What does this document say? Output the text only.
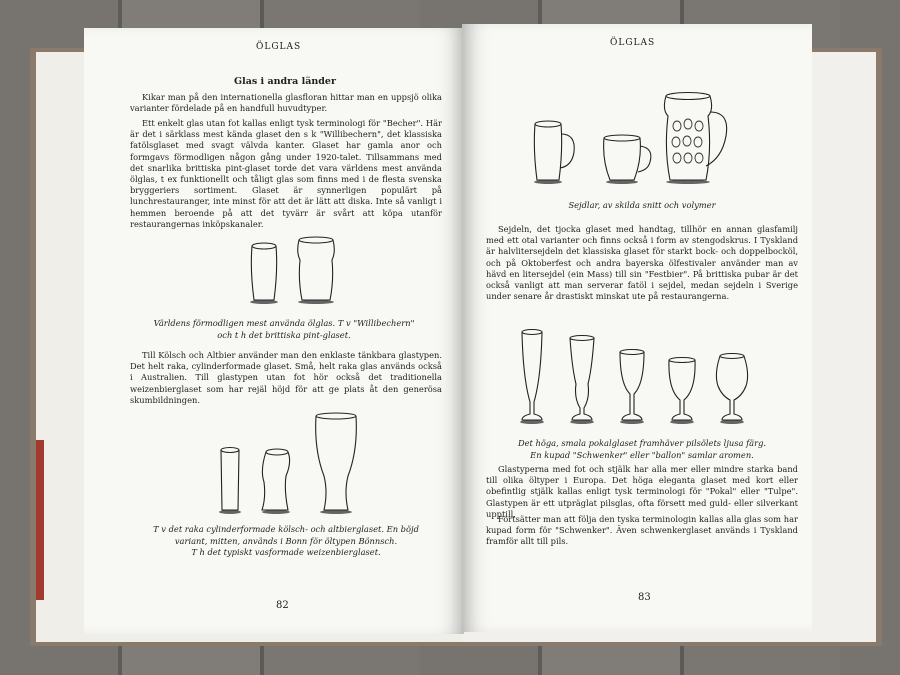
ÖLGLAS
Glas i andra länder
Kikar man på den internationella glasfloran hittar man en uppsjö olika varianter fördelade på en handfull huvudtyper.
Ett enkelt glas utan fot kallas enligt tysk terminologi för "Becher". Här är det i särklass mest kända glaset den s k "Willibechern", det klassiska fatölsglaset med svagt välvda kanter. Glaset har gamla anor och formgavs förmodligen någon gång under 1920-talet. Tillsammans med det snarlika brittiska pint-glaset torde det vara världens mest använda ölglas, t ex funktionellt och tåligt glas som finns med i de flesta svenska bryggeriers sortiment. Glaset är synnerligen populärt på lunchrestauranger, inte minst för att det är lätt att diska. Inte så vanligt i hemmen beroende på att det tyvärr är svårt att köpa utanför restaurangernas inköpskanaler.
Världens förmodligen mest använda ölglas. T v "Willibechern"
och t h det brittiska pint-glaset.
Till Kölsch och Altbier använder man den enklaste tänkbara glastypen. Det helt raka, cylinderformade glaset. Små, helt raka glas används också i Australien. Till glastypen utan fot hör också det traditionella weizenbierglaset som har rejäl höjd för att ge plats åt den generösa skumbildningen.
T v det raka cylinderformade kölsch- och altbierglaset. En böjd
variant, mitten, används i Bonn för öltypen Bönnsch.
T h det typiskt vasformade weizenbierglaset.
82
ÖLGLAS
Sejdlar, av skilda snitt och volymer
Sejdeln, det tjocka glaset med handtag, tillhör en annan glasfamilj med ett otal varianter och finns också i form av stengodskrus. I Tyskland är halvlitersejdeln det klassiska glaset för starkt bock- och doppelbocköl, och på Oktoberfest och andra bayerska ölfestivaler använder man av hävd en litersejdel (ein Mass) till sin "Festbier". På brittiska pubar är det också vanligt att man serverar fatöl i sejdel, medan sejdeln i Sverige under senare år drastiskt minskat ute på restaurangerna.
Det höga, smala pokalglaset framhäver pilsölets ljusa färg.
En kupad "Schwenker" eller "ballon" samlar aromen.
Glastyperna med fot och stjälk har alla mer eller mindre starka band till olika öltyper i Europa. Det höga eleganta glaset med kort eller obefintlig stjälk kallas enligt tysk terminologi för "Pokal" eller "Tulpe". Glastypen är ett utpräglat pilsglas, ofta försett med guld- eller silverkant upptill.
Fortsätter man att följa den tyska terminologin kallas alla glas som har kupad form för "Schwenker". Även schwenkerglaset används i Tyskland framför allt till pils.
83
